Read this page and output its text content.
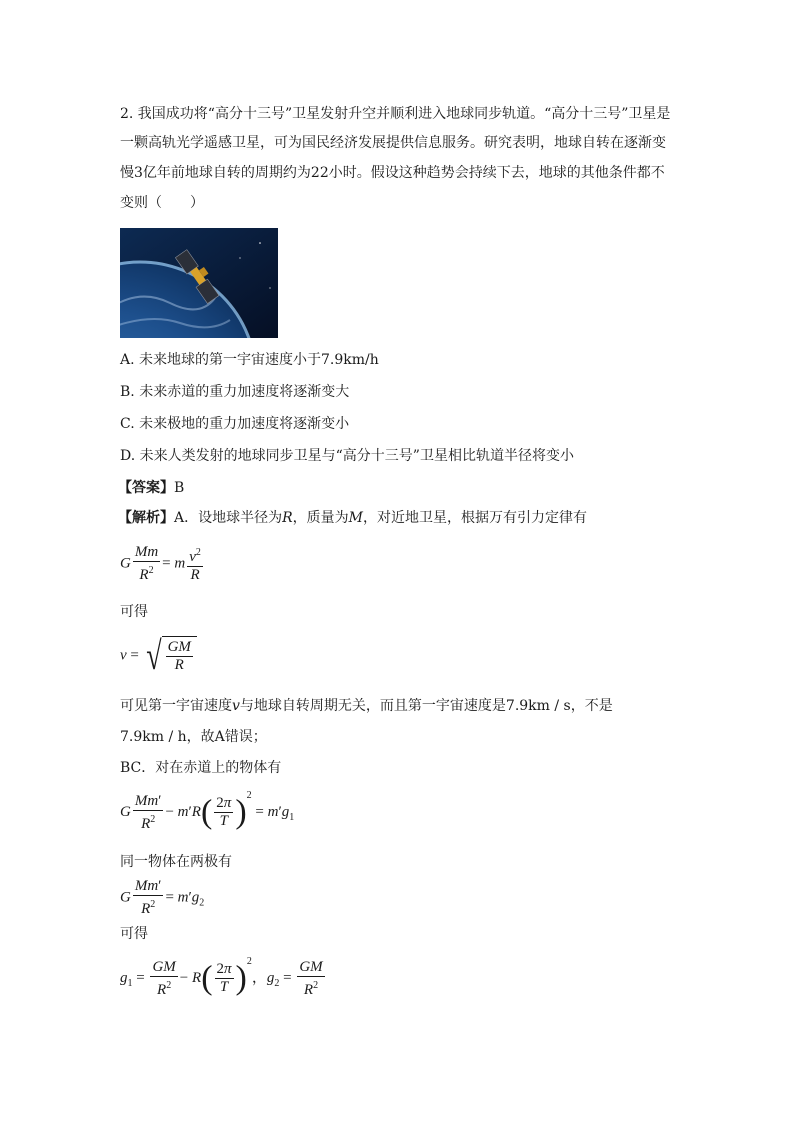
2. 我国成功将“高分十三号”卫星发射升空并顺利进入地球同步轨道。“高分十三号”卫星是
一颗高轨光学遥感卫星，可为国民经济发展提供信息服务。研究表明，地球自转在逐渐变
慢3亿年前地球自转的周期约为22小时。假设这种趋势会持续下去，地球的其他条件都不
变则（　　）
A. 未来地球的第一宇宙速度小于7.9km/h
B. 未来赤道的重力加速度将逐渐变大
C. 未来极地的重力加速度将逐渐变小
D. 未来人类发射的地球同步卫星与“高分十三号”卫星相比轨道半径将变小
【答案】B
【解析】A．设地球半径为R，质量为M，对近地卫星，根据万有引力定律有
G $\frac{Mm}{R^2} = m \frac{v^2}{R}$
可得
v = √ $\frac{GM}{R}$
可见第一宇宙速度v与地球自转周期无关，而且第一宇宙速度是7.9km / s，不是
7.9km / h，故A错误；
BC．对在赤道上的物体有
G $\frac{Mm'}{R^2} - m'R( \frac{2\pi}{T} )^2 = m'g_1$
同一物体在两极有
G $\frac{Mm'}{R^2} = m'g_2$
可得
$g_1 = \frac{GM}{R^2} - R( \frac{2\pi}{T} )^2$，$g_2 = \frac{GM}{R^2}$
